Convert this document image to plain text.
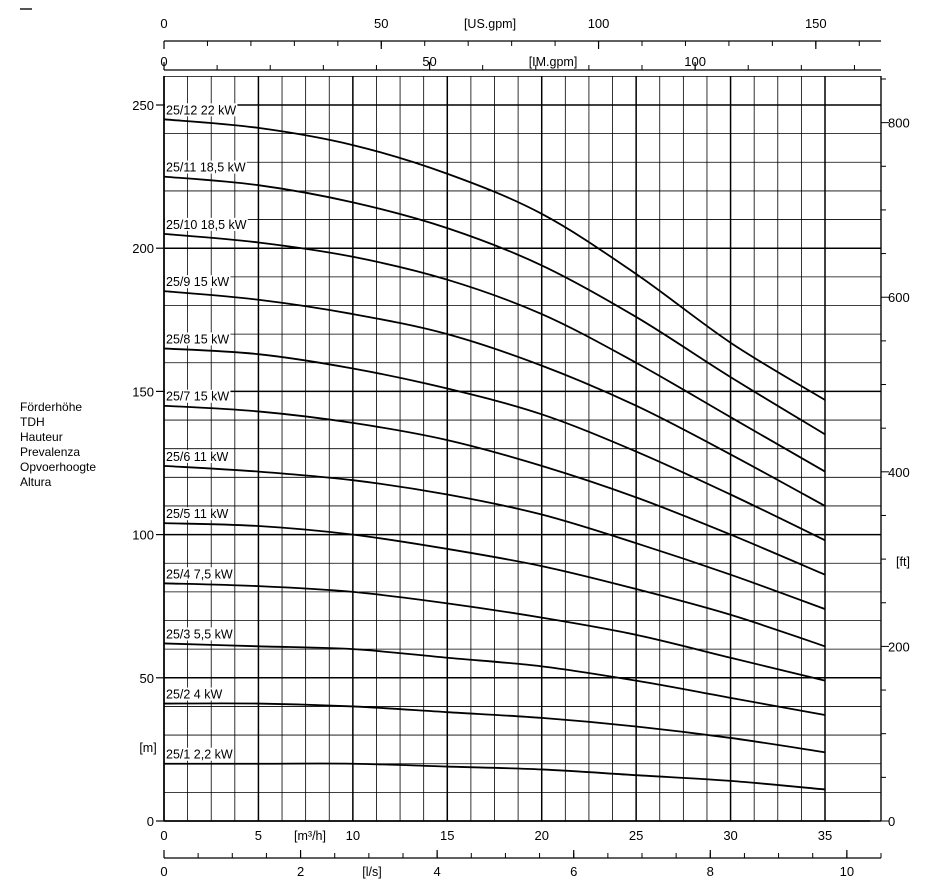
Förderhöhe
TDH
Hauteur
Prevalenza
Opvoerhoogte
Altura
0
50
100
150
200
250
[m]
0
200
400
600
800
[ft]
0	5	10	15	20	25	30	35
[m³/h]
0	50	100	150
[US.gpm]
0	50	100
[IM.gpm]
0	2	4	6	8	10
[l/s]
25/12 22 kW
25/11 18,5 kW
25/10 18,5 kW
25/9 15 kW
25/8 15 kW
25/7 15 kW
25/6 11 kW
25/5 11 kW
25/4 7,5 kW
25/3 5,5 kW
25/2 4 kW
25/1 2,2 kW
